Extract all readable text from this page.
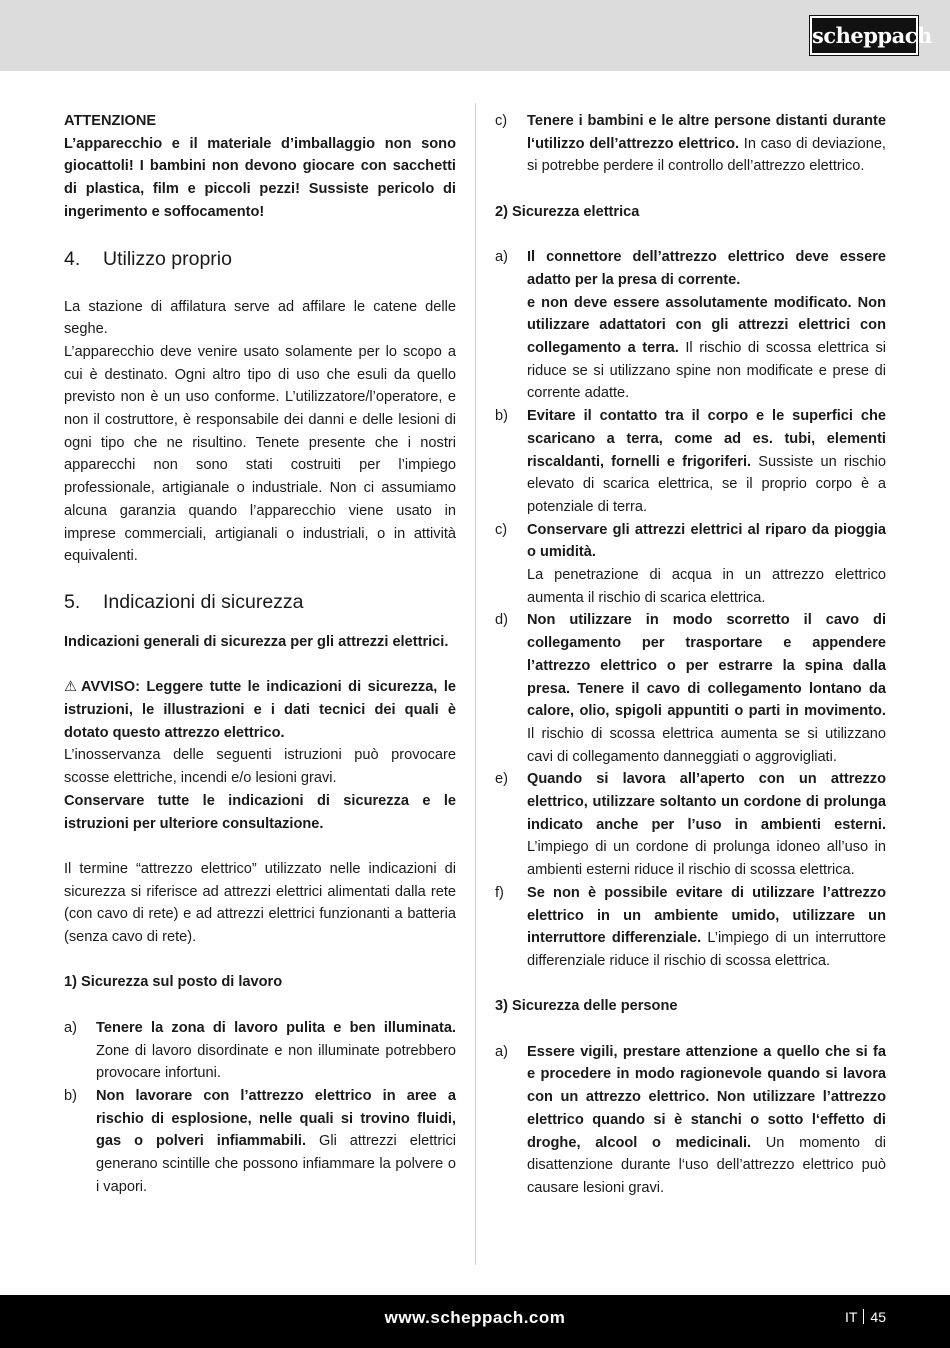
scheppach

ATTENZIONE

L’apparecchio e il materiale d’imballaggio non sono giocattoli! I bambini non devono giocare con sacchetti di plastica, film e piccoli pezzi! Sussiste pericolo di ingerimento e soffocamento!

4.	Utilizzo proprio

La stazione di affilatura serve ad affilare le catene delle seghe.

L’apparecchio deve venire usato solamente per lo scopo a cui è destinato. Ogni altro tipo di uso che esuli da quello previsto non è un uso conforme. L’utilizzatore/l’operatore, e non il costruttore, è responsabile dei danni e delle lesioni di ogni tipo che ne risultino. Tenete presente che i nostri apparecchi non sono stati costruiti per l’impiego professionale, artigianale o industriale. Non ci assumiamo alcuna garanzia quando l’apparecchio viene usato in imprese commerciali, artigianali o industriali, o in attività equivalenti.

5.	Indicazioni di sicurezza

Indicazioni generali di sicurezza per gli attrezzi elettrici.

⚠ AVVISO: Leggere tutte le indicazioni di sicurezza, le istruzioni, le illustrazioni e i dati tecnici dei quali è dotato questo attrezzo elettrico.

L’inosservanza delle seguenti istruzioni può provocare scosse elettriche, incendi e/o lesioni gravi.

Conservare tutte le indicazioni di sicurezza e le istruzioni per ulteriore consultazione.

Il termine “attrezzo elettrico” utilizzato nelle indicazioni di sicurezza si riferisce ad attrezzi elettrici alimentati dalla rete (con cavo di rete) e ad attrezzi elettrici funzionanti a batteria (senza cavo di rete).

1) Sicurezza sul posto di lavoro

a)	Tenere la zona di lavoro pulita e ben illuminata. Zone di lavoro disordinate e non illuminate potrebbero provocare infortuni.
b)	Non lavorare con l’attrezzo elettrico in aree a rischio di esplosione, nelle quali si trovino fluidi, gas o polveri infiammabili. Gli attrezzi elettrici generano scintille che possono infiammare la polvere o i vapori.
c)	Tenere i bambini e le altre persone distanti durante l‘utilizzo dell’attrezzo elettrico. In caso di deviazione, si potrebbe perdere il controllo dell’attrezzo elettrico.

2) Sicurezza elettrica

a)	Il connettore dell’attrezzo elettrico deve essere adatto per la presa di corrente.
e non deve essere assolutamente modificato. Non utilizzare adattatori con gli attrezzi elettrici con collegamento a terra. Il rischio di scossa elettrica si riduce se si utilizzano spine non modificate e prese di corrente adatte.
b)	Evitare il contatto tra il corpo e le superfici che scaricano a terra, come ad es. tubi, elementi riscaldanti, fornelli e frigoriferi. Sussiste un rischio elevato di scarica elettrica, se il proprio corpo è a potenziale di terra.
c)	Conservare gli attrezzi elettrici al riparo da pioggia o umidità.
La penetrazione di acqua in un attrezzo elettrico aumenta il rischio di scarica elettrica.
d)	Non utilizzare in modo scorretto il cavo di collegamento per trasportare e appendere l’attrezzo elettrico o per estrarre la spina dalla presa. Tenere il cavo di collegamento lontano da calore, olio, spigoli appuntiti o parti in movimento. Il rischio di scossa elettrica aumenta se si utilizzano cavi di collegamento danneggiati o aggrovigliati.
e)	Quando si lavora all’aperto con un attrezzo elettrico, utilizzare soltanto un cordone di prolunga indicato anche per l’uso in ambienti esterni. L’impiego di un cordone di prolunga idoneo all’uso in ambienti esterni riduce il rischio di scossa elettrica.
f)	Se non è possibile evitare di utilizzare l’attrezzo elettrico in un ambiente umido, utilizzare un interruttore differenziale. L’impiego di un interruttore differenziale riduce il rischio di scossa elettrica.

3) Sicurezza delle persone

a)	Essere vigili, prestare attenzione a quello che si fa e procedere in modo ragionevole quando si lavora con un attrezzo elettrico. Non utilizzare l’attrezzo elettrico quando si è stanchi o sotto l‘effetto di droghe, alcool o medicinali. Un momento di disattenzione durante l‘uso dell’attrezzo elettrico può causare lesioni gravi.
www.scheppach.com	IT 45
